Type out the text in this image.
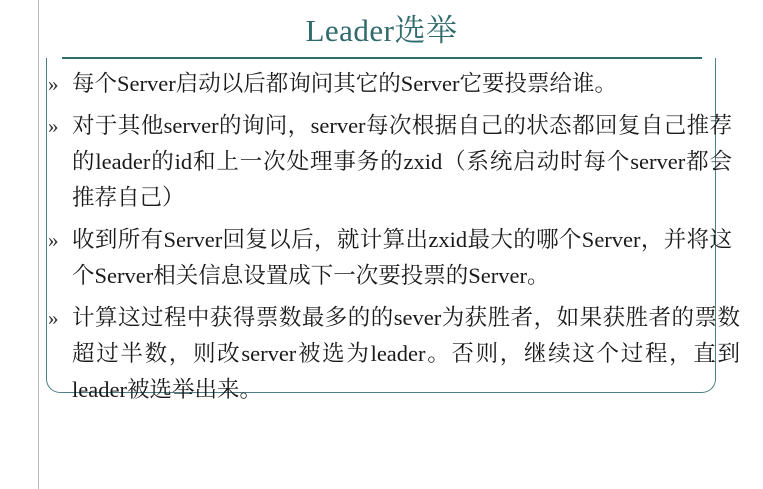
Leader选举
» 每个Server启动以后都询问其它的Server它要投票给谁。
» 对于其他server的询问，server每次根据自己的状态都回复自己推荐的leader的id和上一次处理事务的zxid（系统启动时每个server都会推荐自己）
» 收到所有Server回复以后，就计算出zxid最大的哪个Server，并将这个Server相关信息设置成下一次要投票的Server。
» 计算这过程中获得票数最多的的sever为获胜者，如果获胜者的票数超过半数，则改server被选为leader。否则，继续这个过程，直到leader被选举出来。
